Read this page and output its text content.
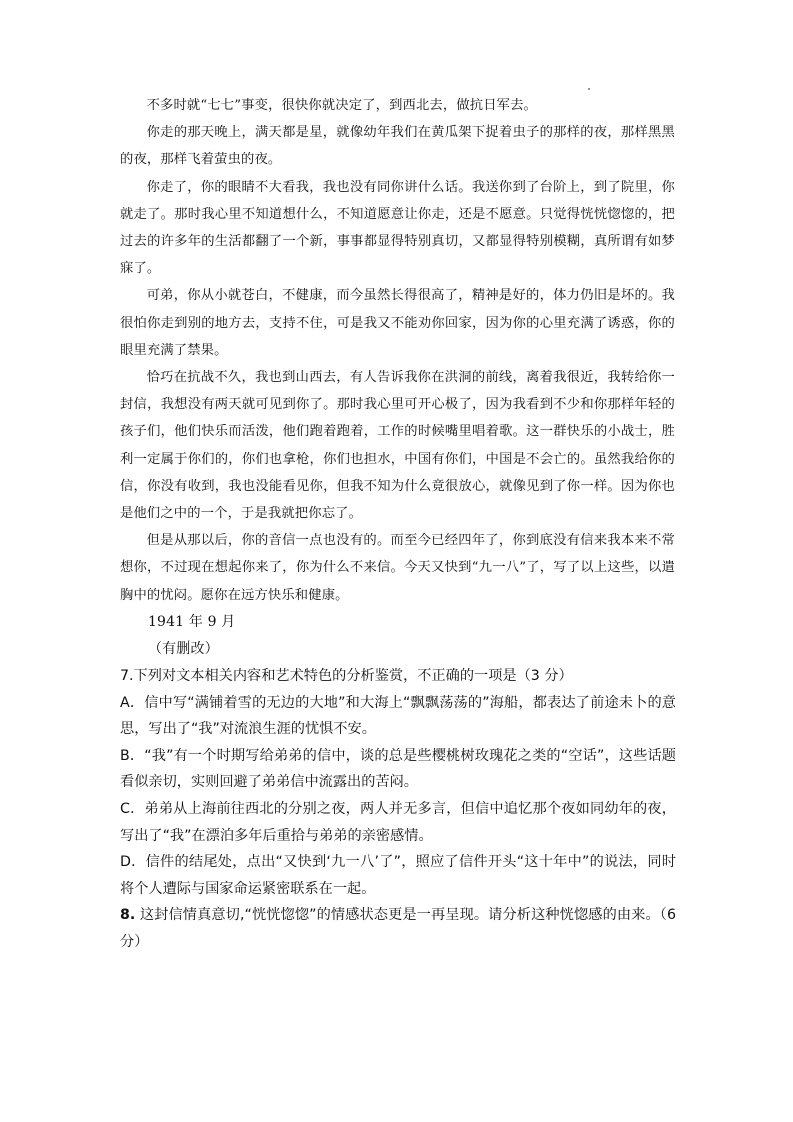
不多时就“七七”事变，很快你就决定了，到西北去，做抗日军去。

你走的那天晚上，满天都是星，就像幼年我们在黄瓜架下捉着虫子的那样的夜，那样黑黑的夜，那样飞着萤虫的夜。

你走了，你的眼睛不大看我，我也没有同你讲什么话。我送你到了台阶上，到了院里，你就走了。那时我心里不知道想什么，不知道愿意让你走，还是不愿意。只觉得恍恍惚惚的，把过去的许多年的生活都翻了一个新，事事都显得特别真切，又都显得特别模糊，真所谓有如梦寐了。

可弟，你从小就苍白，不健康，而今虽然长得很高了，精神是好的，体力仍旧是坏的。我很怕你走到别的地方去，支持不住，可是我又不能劝你回家，因为你的心里充满了诱惑，你的眼里充满了禁果。

恰巧在抗战不久，我也到山西去，有人告诉我你在洪洞的前线，离着我很近，我转给你一封信，我想没有两天就可见到你了。那时我心里可开心极了，因为我看到不少和你那样年轻的孩子们，他们快乐而活泼，他们跑着跑着，工作的时候嘴里唱着歌。这一群快乐的小战士，胜利一定属于你们的，你们也拿枪，你们也担水，中国有你们，中国是不会亡的。虽然我给你的信，你没有收到，我也没能看见你，但我不知为什么竟很放心，就像见到了你一样。因为你也是他们之中的一个，于是我就把你忘了。

但是从那以后，你的音信一点也没有的。而至今已经四年了，你到底没有信来我本来不常想你，不过现在想起你来了，你为什么不来信。今天又快到“九一八”了，写了以上这些，以遣胸中的忧闷。愿你在远方快乐和健康。

1941 年 9 月

（有删改）

7.下列对文本相关内容和艺术特色的分析鉴赏，不正确的一项是（3 分）

A．信中写“满铺着雪的无边的大地”和大海上“飘飘荡荡的”海船，都表达了前途未卜的意思，写出了“我”对流浪生涯的忧惧不安。

B．“我”有一个时期写给弟弟的信中，谈的总是些樱桃树玫瑰花之类的“空话”，这些话题看似亲切，实则回避了弟弟信中流露出的苦闷。

C．弟弟从上海前往西北的分别之夜，两人并无多言，但信中追忆那个夜如同幼年的夜，写出了“我”在漂泊多年后重拾与弟弟的亲密感情。

D．信件的结尾处，点出“又快到‘九一八’了”，照应了信件开头“这十年中”的说法，同时将个人遭际与国家命运紧密联系在一起。

8. 这封信情真意切,“恍恍惚惚”的情感状态更是一再呈现。请分析这种恍惚感的由来。（6 分）
